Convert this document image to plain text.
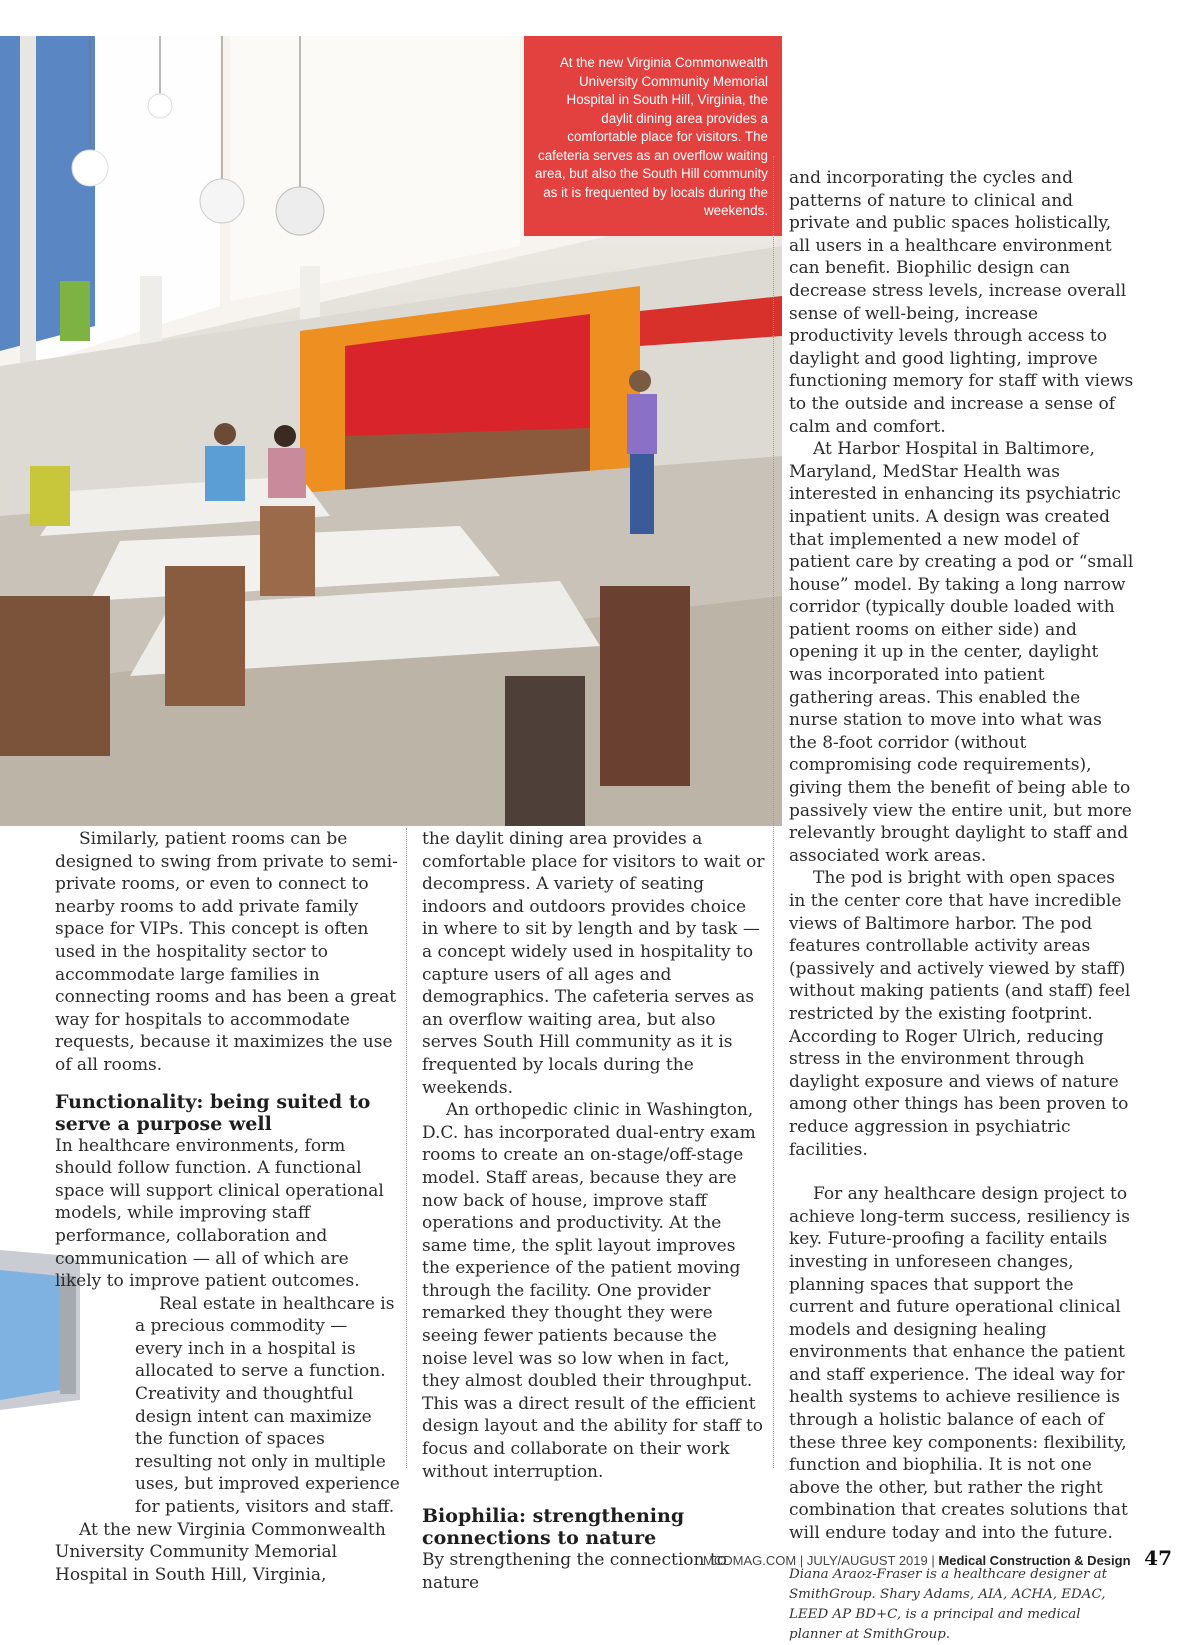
At the new Virginia Commonwealth University Community Memorial Hospital in South Hill, Virginia, the daylit dining area provides a comfortable place for visitors. The cafeteria serves as an overflow waiting area, but also the South Hill community as it is frequented by locals during the weekends.

Similarly, patient rooms can be designed to swing from private to semi-private rooms, or even to connect to nearby rooms to add private family space for VIPs. This concept is often used in the hospitality sector to accommodate large families in connecting rooms and has been a great way for hospitals to accommodate requests, because it maximizes the use of all rooms.

Functionality: being suited to serve a purpose well

In healthcare environments, form should follow function. A functional space will support clinical operational models, while improving staff performance, collaboration and communication — all of which are likely to improve patient outcomes.

Real estate in healthcare is a precious commodity — every inch in a hospital is allocated to serve a function. Creativity and thoughtful design intent can maximize the function of spaces resulting not only in multiple uses, but improved experience for patients, visitors and staff.

At the new Virginia Commonwealth University Community Memorial Hospital in South Hill, Virginia,

the daylit dining area provides a comfortable place for visitors to wait or decompress. A variety of seating indoors and outdoors provides choice in where to sit by length and by task — a concept widely used in hospitality to capture users of all ages and demographics. The cafeteria serves as an overflow waiting area, but also serves South Hill community as it is frequented by locals during the weekends.

An orthopedic clinic in Washington, D.C. has incorporated dual-entry exam rooms to create an on-stage/off-stage model. Staff areas, because they are now back of house, improve staff operations and productivity. At the same time, the split layout improves the experience of the patient moving through the facility. One provider remarked they thought they were seeing fewer patients because the noise level was so low when in fact, they almost doubled their throughput. This was a direct result of the efficient design layout and the ability for staff to focus and collaborate on their work without interruption.

Biophilia: strengthening connections to nature

By strengthening the connection to nature

and incorporating the cycles and patterns of nature to clinical and private and public spaces holistically, all users in a healthcare environment can benefit. Biophilic design can decrease stress levels, increase overall sense of well-being, increase productivity levels through access to daylight and good lighting, improve functioning memory for staff with views to the outside and increase a sense of calm and comfort.

At Harbor Hospital in Baltimore, Maryland, MedStar Health was interested in enhancing its psychiatric inpatient units. A design was created that implemented a new model of patient care by creating a pod or “small house” model. By taking a long narrow corridor (typically double loaded with patient rooms on either side) and opening it up in the center, daylight was incorporated into patient gathering areas. This enabled the nurse station to move into what was the 8-foot corridor (without compromising code requirements), giving them the benefit of being able to passively view the entire unit, but more relevantly brought daylight to staff and associated work areas.

The pod is bright with open spaces in the center core that have incredible views of Baltimore harbor. The pod features controllable activity areas (passively and actively viewed by staff) without making patients (and staff) feel restricted by the existing footprint. According to Roger Ulrich, reducing stress in the environment through daylight exposure and views of nature among other things has been proven to reduce aggression in psychiatric facilities.

For any healthcare design project to achieve long-term success, resiliency is key. Future-proofing a facility entails investing in unforeseen changes, planning spaces that support the current and future operational clinical models and designing healing environments that enhance the patient and staff experience. The ideal way for health systems to achieve resilience is through a holistic balance of each of these three key components: flexibility, function and biophilia. It is not one above the other, but rather the right combination that creates solutions that will endure today and into the future.

Diana Araoz-Fraser is a healthcare designer at SmithGroup. Shary Adams, AIA, ACHA, EDAC, LEED AP BD+C, is a principal and medical planner at SmithGroup.
MCDMAG.COM | JULY/AUGUST 2019 | Medical Construction & Design 47
